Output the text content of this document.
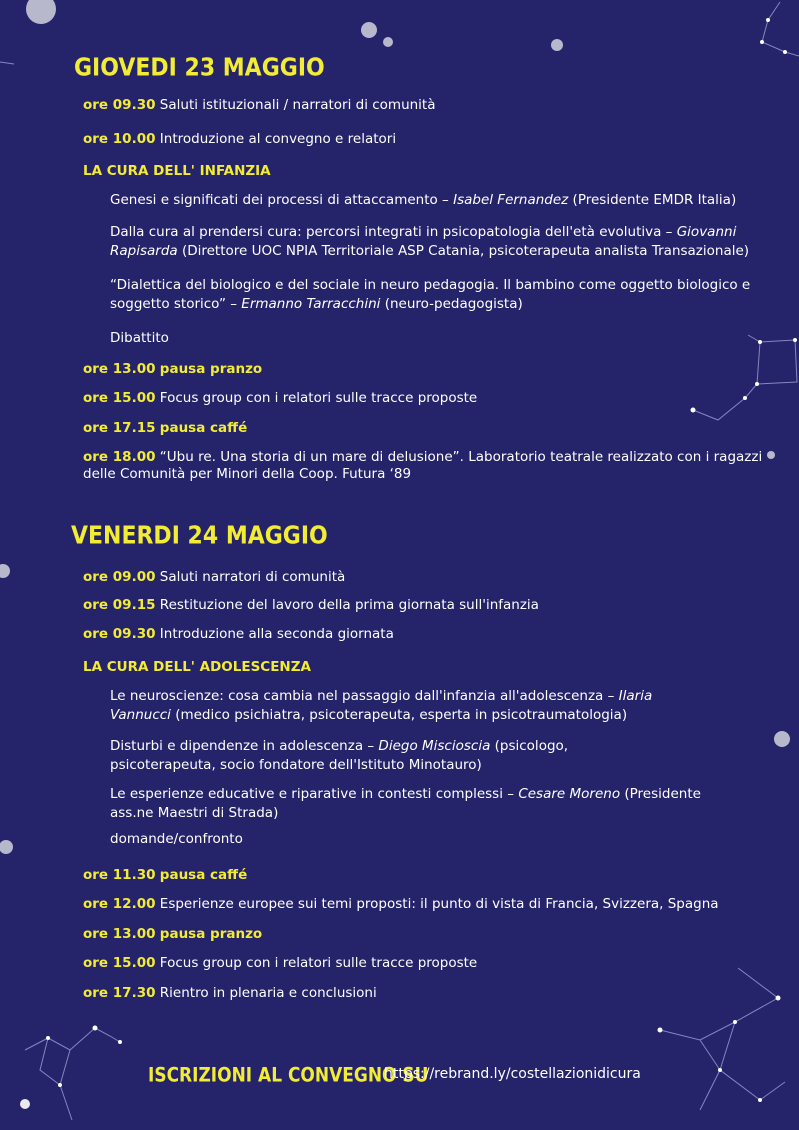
GIOVEDI 23 MAGGIO
ore 09.30 Saluti istituzionali / narratori di comunità
ore 10.00 Introduzione al convegno e relatori
LA CURA DELL' INFANZIA
Genesi e significati dei processi di attaccamento – Isabel Fernandez (Presidente EMDR Italia)
Dalla cura al prendersi cura: percorsi integrati in psicopatologia dell'età evolutiva – Giovanni Rapisarda (Direttore UOC NPIA Territoriale ASP Catania, psicoterapeuta analista Transazionale)
“Dialettica del biologico e del sociale in neuro pedagogia. Il bambino come oggetto biologico e soggetto storico” – Ermanno Tarracchini (neuro-pedagogista)
Dibattito
ore 13.00 pausa pranzo
ore 15.00 Focus group con i relatori sulle tracce proposte
ore 17.15 pausa caffé
ore 18.00 “Ubu re. Una storia di un mare di delusione”. Laboratorio teatrale realizzato con i ragazzi delle Comunità per Minori della Coop. Futura ‘89
VENERDI 24 MAGGIO
ore 09.00 Saluti narratori di comunità
ore 09.15 Restituzione del lavoro della prima giornata sull'infanzia
ore 09.30 Introduzione alla seconda giornata
LA CURA DELL' ADOLESCENZA
Le neuroscienze: cosa cambia nel passaggio dall'infanzia all'adolescenza – Ilaria Vannucci (medico psichiatra, psicoterapeuta, esperta in psicotraumatologia)
Disturbi e dipendenze in adolescenza – Diego Miscioscia (psicologo, psicoterapeuta, socio fondatore dell'Istituto Minotauro)
Le esperienze educative e riparative in contesti complessi – Cesare Moreno (Presidente ass.ne Maestri di Strada)
domande/confronto
ore 11.30 pausa caffé
ore 12.00 Esperienze europee sui temi proposti: il punto di vista di Francia, Svizzera, Spagna
ore 13.00 pausa pranzo
ore 15.00 Focus group con i relatori sulle tracce proposte
ore 17.30 Rientro in plenaria e conclusioni
ISCRIZIONI AL CONVEGNO SU
https://rebrand.ly/costellazionidicura
